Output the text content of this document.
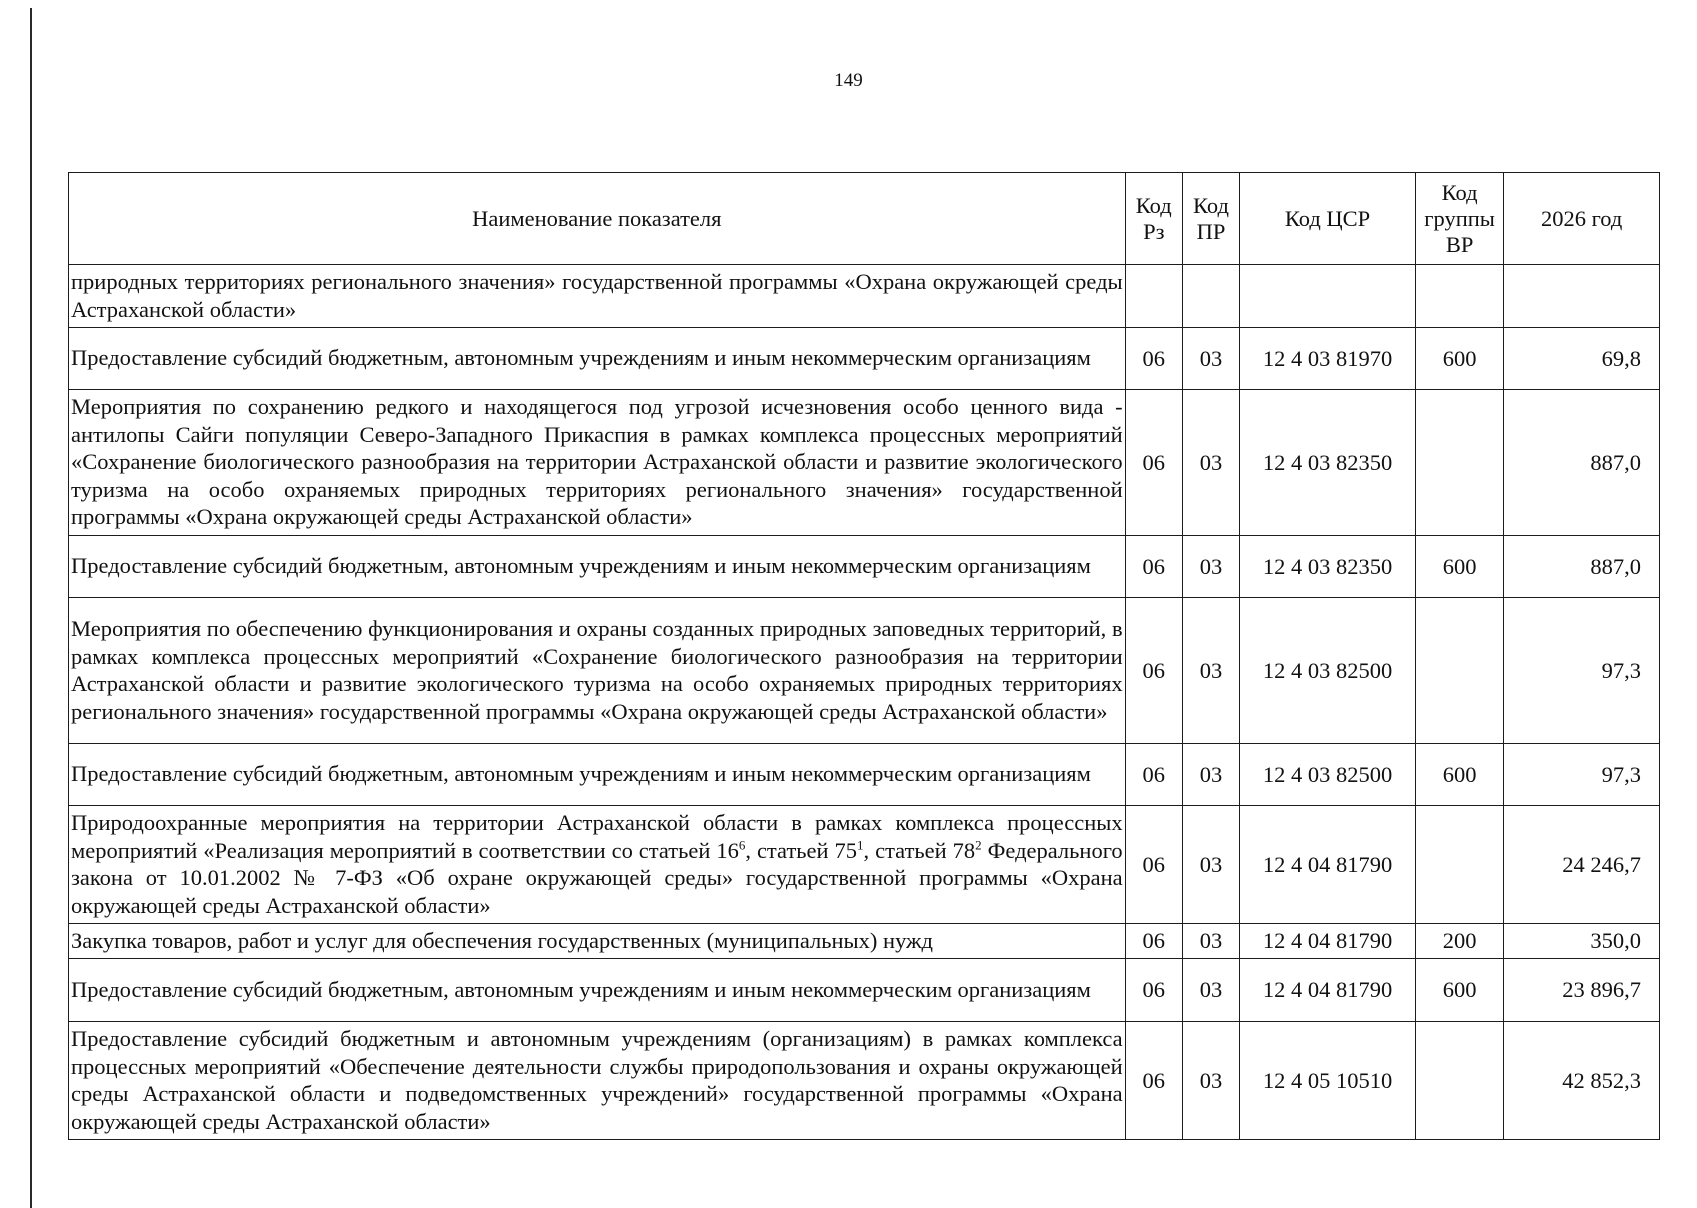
149
Наименование показателя	Код Рз	Код ПР	Код ЦСР	Код группы ВР	2026 год
природных территориях регионального значения» государственной программы «Охрана окружающей среды Астраханской области»					
Предоставление субсидий бюджетным, автономным учреждениям и иным некоммерческим организациям	06	03	12 4 03 81970	600	69,8
Мероприятия по сохранению редкого и находящегося под угрозой исчезновения особо ценного вида - антилопы Сайги популяции Северо-Западного Прикаспия в рамках комплекса процессных мероприятий «Сохранение биологического разнообразия на территории Астраханской области и развитие экологического туризма на особо охраняемых природных территориях регионального значения» государственной программы «Охрана окружающей среды Астраханской области»	06	03	12 4 03 82350		887,0
Предоставление субсидий бюджетным, автономным учреждениям и иным некоммерческим организациям	06	03	12 4 03 82350	600	887,0
Мероприятия по обеспечению функционирования и охраны созданных природных заповедных территорий, в рамках комплекса процессных мероприятий «Сохранение биологического разнообразия на территории Астраханской области и развитие экологического туризма на особо охраняемых природных территориях регионального значения» государственной программы «Охрана окружающей среды Астраханской области»	06	03	12 4 03 82500		97,3
Предоставление субсидий бюджетным, автономным учреждениям и иным некоммерческим организациям	06	03	12 4 03 82500	600	97,3
Природоохранные мероприятия на территории Астраханской области в рамках комплекса процессных мероприятий «Реализация мероприятий в соответствии со статьей $16^6$, статьей $75^1$, статьей $78^2$ Федерального закона от 10.01.2002 № 7-ФЗ «Об охране окружающей среды» государственной программы «Охрана окружающей среды Астраханской области»	06	03	12 4 04 81790		24 246,7
Закупка товаров, работ и услуг для обеспечения государственных (муниципальных) нужд	06	03	12 4 04 81790	200	350,0
Предоставление субсидий бюджетным, автономным учреждениям и иным некоммерческим организациям	06	03	12 4 04 81790	600	23 896,7
Предоставление субсидий бюджетным и автономным учреждениям (организациям) в рамках комплекса процессных мероприятий «Обеспечение деятельности службы природопользования и охраны окружающей среды Астраханской области и подведомственных учреждений» государственной программы «Охрана окружающей среды Астраханской области»	06	03	12 4 05 10510		42 852,3
